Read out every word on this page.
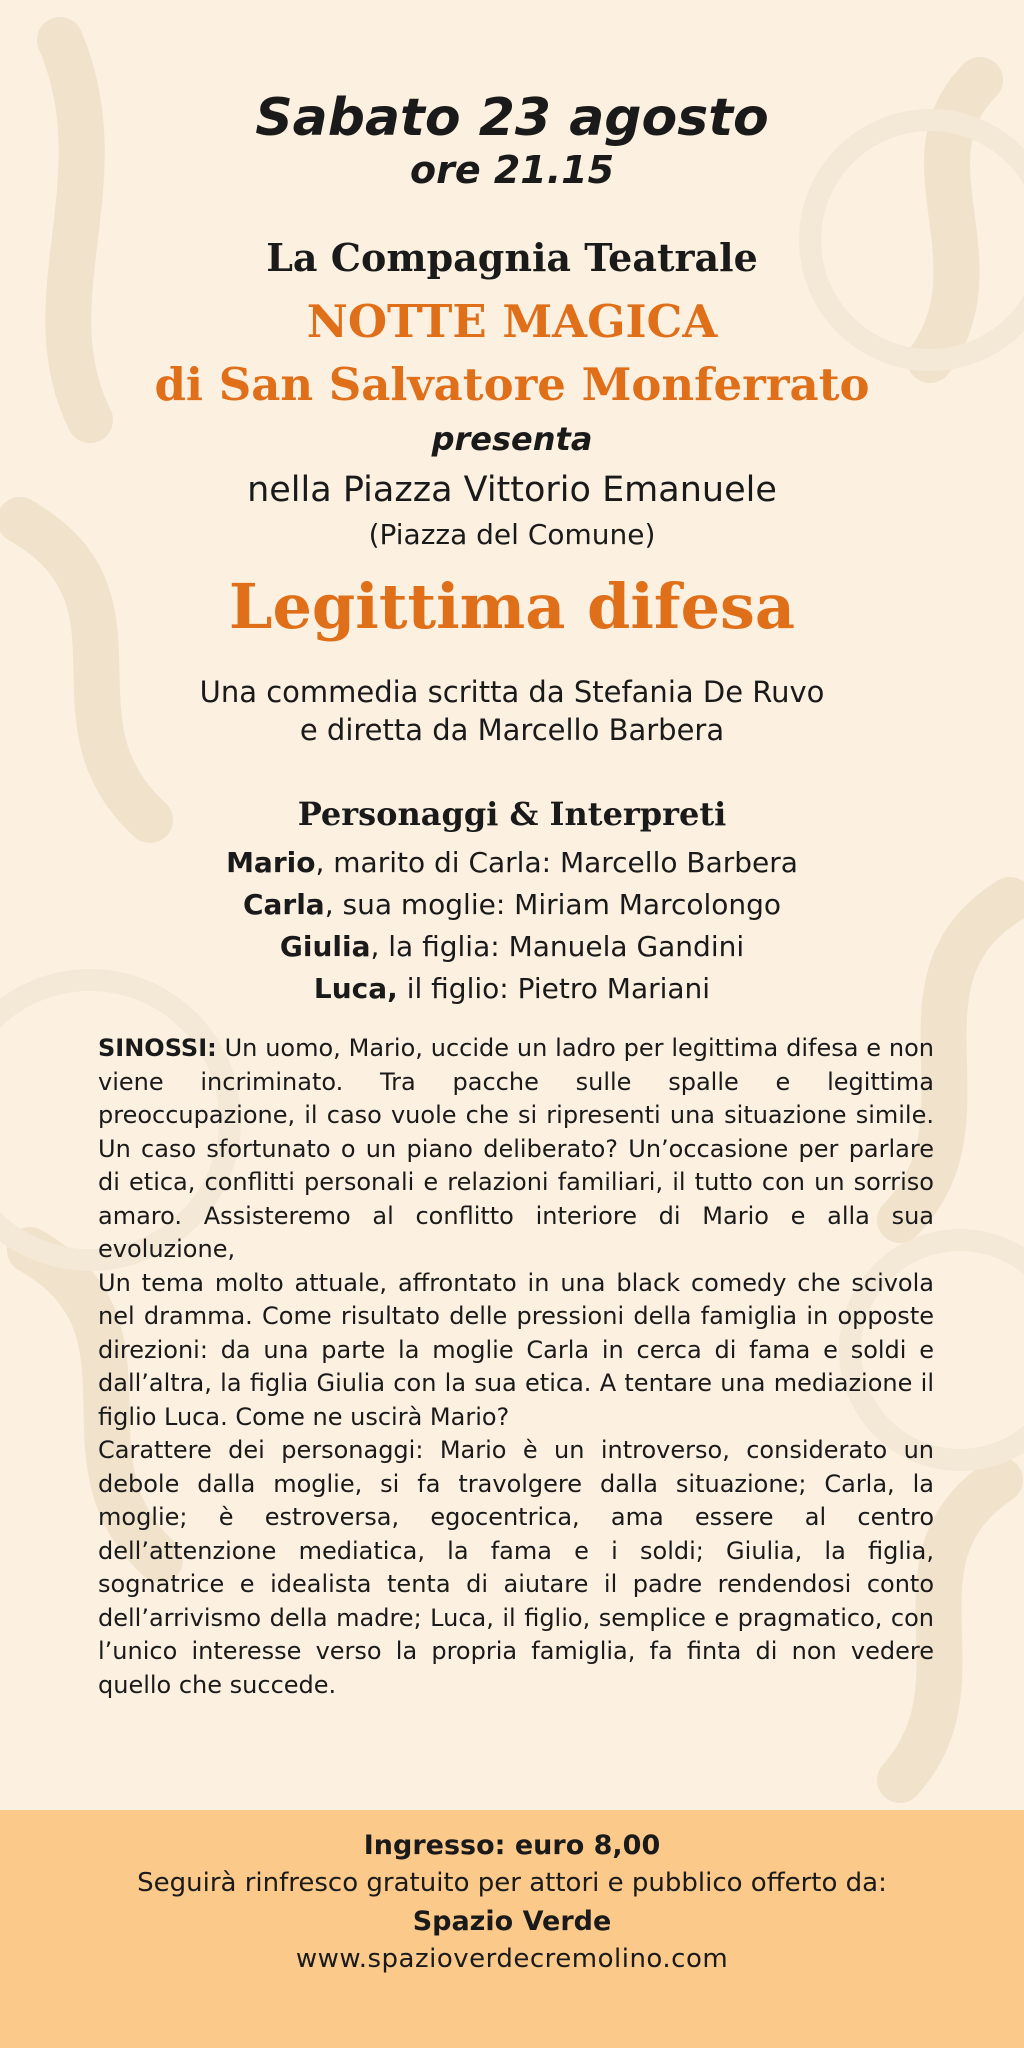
Sabato 23 agosto
ore 21.15
La Compagnia Teatrale
NOTTE MAGICA
di San Salvatore Monferrato
presenta
nella Piazza Vittorio Emanuele
(Piazza del Comune)
Legittima difesa
Una commedia scritta da Stefania De Ruvo
e diretta da Marcello Barbera
Personaggi & Interpreti
Mario, marito di Carla: Marcello Barbera
Carla, sua moglie: Miriam Marcolongo
Giulia, la figlia: Manuela Gandini
Luca, il figlio: Pietro Mariani

SINOSSI: Un uomo, Mario, uccide un ladro per legittima difesa e non viene incriminato. Tra pacche sulle spalle e legittima preoccupazione, il caso vuole che si ripresenti una situazione simile. Un caso sfortunato o un piano deliberato? Un’occasione per parlare di etica, conflitti personali e relazioni familiari, il tutto con un sorriso amaro. Assisteremo al conflitto interiore di Mario e alla sua evoluzione,

Un tema molto attuale, affrontato in una black comedy che scivola nel dramma. Come risultato delle pressioni della famiglia in opposte direzioni: da una parte la moglie Carla in cerca di fama e soldi e dall’altra, la figlia Giulia con la sua etica. A tentare una mediazione il figlio Luca. Come ne uscirà Mario?

Carattere dei personaggi: Mario è un introverso, considerato un debole dalla moglie, si fa travolgere dalla situazione; Carla, la moglie; è estroversa, egocentrica, ama essere al centro dell’attenzione mediatica, la fama e i soldi; Giulia, la figlia, sognatrice e idealista tenta di aiutare il padre rendendosi conto dell’arrivismo della madre; Luca, il figlio, semplice e pragmatico, con l’unico interesse verso la propria famiglia, fa finta di non vedere quello che succede.

Ingresso: euro 8,00
Seguirà rinfresco gratuito per attori e pubblico offerto da:
Spazio Verde
www.spazioverdecremolino.com
